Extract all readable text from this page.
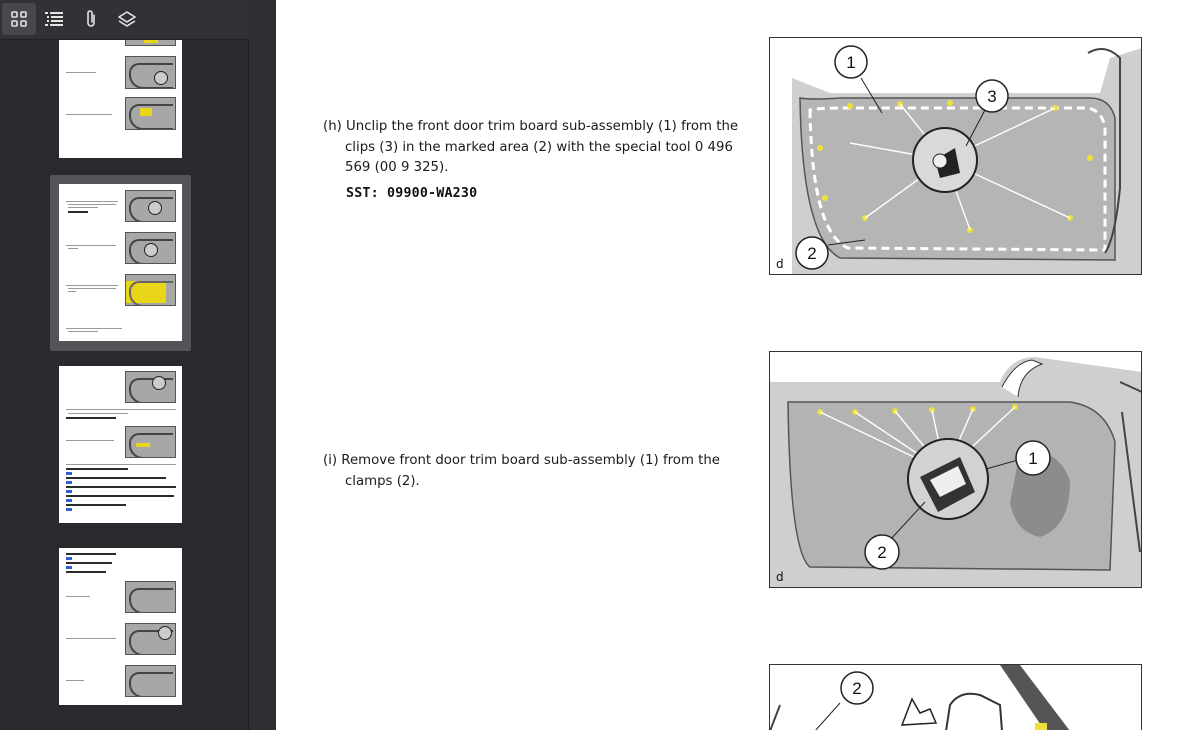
(h) Unclip the front door trim board sub-assembly (1) from the clips (3) in the marked area (2) with the special tool 0 496 569 (00 9 325).
SST: 09900-WA230
(i) Remove front door trim board sub-assembly (1) from the clamps (2).
1
3
2
d
1
2
d
2
